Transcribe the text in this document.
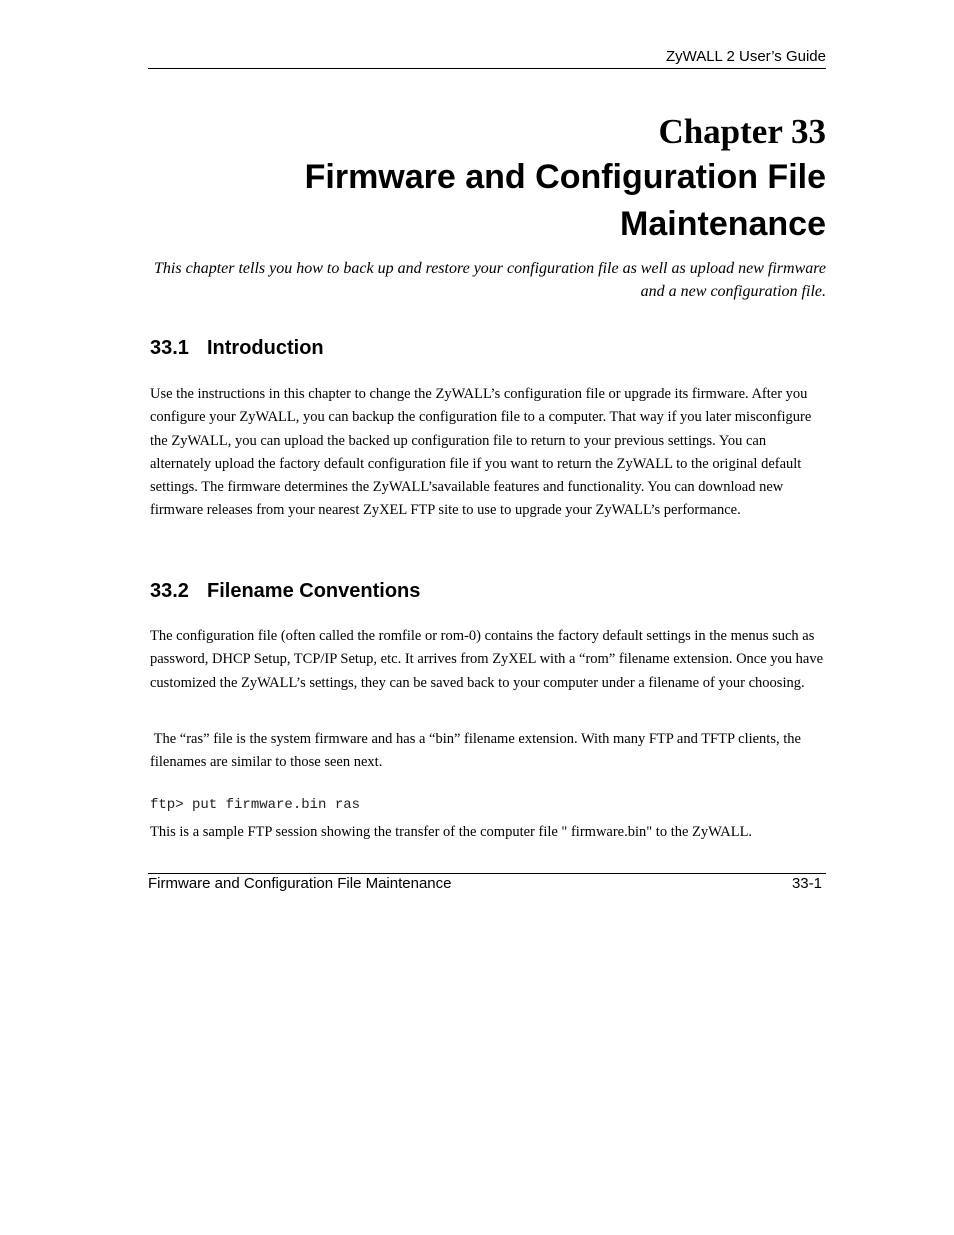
ZyWALL 2 User’s Guide
Chapter 33
Firmware and Configuration File Maintenance
This chapter tells you how to back up and restore your configuration file as well as upload new firmware and a new configuration file.
33.1 Introduction

Use the instructions in this chapter to change the ZyWALL’s configuration file or upgrade its firmware. After you configure your ZyWALL, you can backup the configuration file to a computer. That way if you later misconfigure the ZyWALL, you can upload the backed up configuration file to return to your previous settings. You can alternately upload the factory default configuration file if you want to return the ZyWALL to the original default settings. The firmware determines the ZyWALL’savailable features and functionality. You can download new firmware releases from your nearest ZyXEL FTP site to use to upgrade your ZyWALL’s performance.

33.2 Filename Conventions

The configuration file (often called the romfile or rom-0) contains the factory default settings in the menus such as password, DHCP Setup, TCP/IP Setup, etc. It arrives from ZyXEL with a “rom” filename extension. Once you have customized the ZyWALL’s settings, they can be saved back to your computer under a filename of your choosing.

The “ras” file is the system firmware and has a “bin” filename extension. With many FTP and TFTP clients, the filenames are similar to those seen next.

ftp> put firmware.bin ras

This is a sample FTP session showing the transfer of the computer file " firmware.bin" to the ZyWALL.

Firmware and Configuration File Maintenance	33-1
